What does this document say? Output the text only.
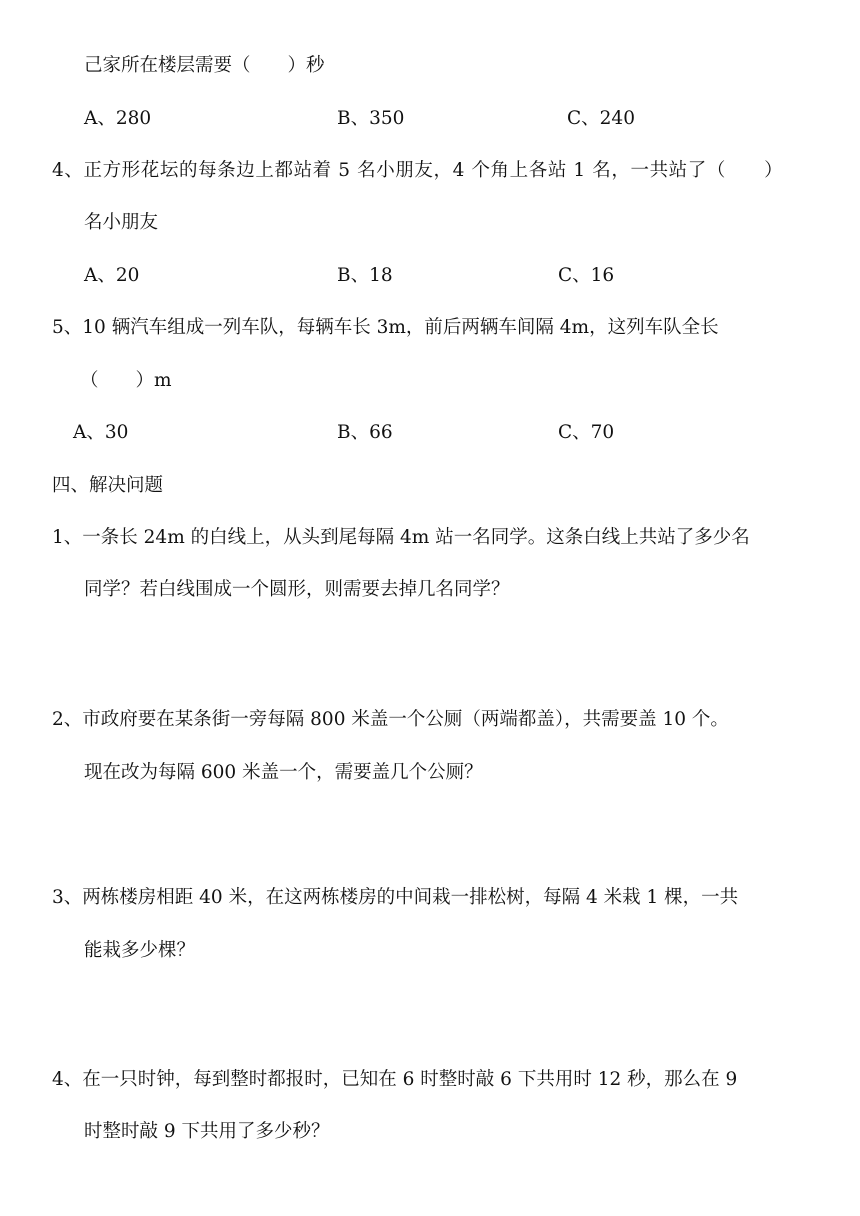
己家所在楼层需要（　　）秒
A、280	B、350	C、240
4、正方形花坛的每条边上都站着 5 名小朋友，4 个角上各站 1 名，一共站了（　　）
名小朋友
A、20	B、18	C、16
5、10 辆汽车组成一列车队，每辆车长 3m，前后两辆车间隔 4m，这列车队全长
（　　）m
A、30	B、66	C、70
四、解决问题
1、一条长 24m 的白线上，从头到尾每隔 4m 站一名同学。这条白线上共站了多少名
同学？若白线围成一个圆形，则需要去掉几名同学？
2、市政府要在某条街一旁每隔 800 米盖一个公厕（两端都盖），共需要盖 10 个。
现在改为每隔 600 米盖一个，需要盖几个公厕？
3、两栋楼房相距 40 米，在这两栋楼房的中间栽一排松树，每隔 4 米栽 1 棵，一共
能栽多少棵？
4、在一只时钟，每到整时都报时，已知在 6 时整时敲 6 下共用时 12 秒，那么在 9
时整时敲 9 下共用了多少秒？
